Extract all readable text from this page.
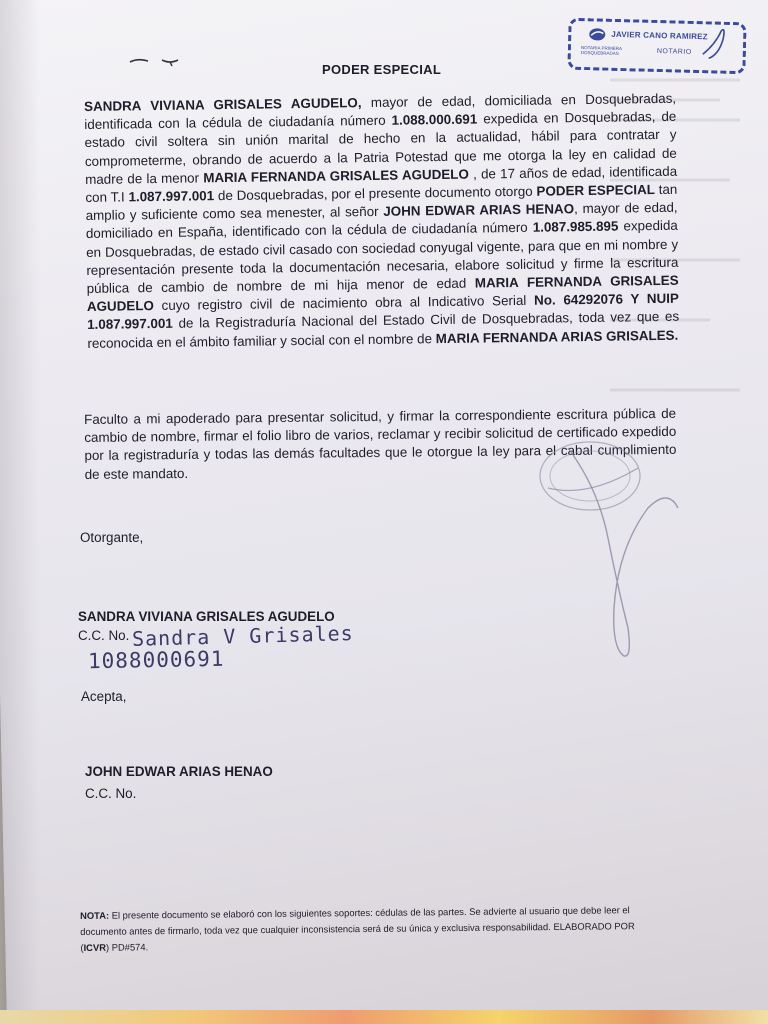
PODER ESPECIAL
JAVIER CANO RAMIREZ
NOTARIA PRIMERA DOSQUEBRADAS	NOTARIO
SANDRA VIVIANA GRISALES AGUDELO, mayor de edad, domiciliada en Dosquebradas, identificada con la cédula de ciudadanía número 1.088.000.691 expedida en Dosquebradas, de estado civil soltera sin unión marital de hecho en la actualidad, hábil para contratar y comprometerme, obrando de acuerdo a la Patria Potestad que me otorga la ley en calidad de madre de la menor MARIA FERNANDA GRISALES AGUDELO , de 17 años de edad, identificada con T.I 1.087.997.001 de Dosquebradas, por el presente documento otorgo PODER ESPECIAL tan amplio y suficiente como sea menester, al señor JOHN EDWAR ARIAS HENAO, mayor de edad, domiciliado en España, identificado con la cédula de ciudadanía número 1.087.985.895 expedida en Dosquebradas, de estado civil casado con sociedad conyugal vigente, para que en mi nombre y representación presente toda la documentación necesaria, elabore solicitud y firme la escritura pública de cambio de nombre de mi hija menor de edad MARIA FERNANDA GRISALES AGUDELO cuyo registro civil de nacimiento obra al Indicativo Serial No. 64292076 Y NUIP 1.087.997.001 de la Registraduría Nacional del Estado Civil de Dosquebradas, toda vez que es reconocida en el ámbito familiar y social con el nombre de MARIA FERNANDA ARIAS GRISALES.
Faculto a mi apoderado para presentar solicitud, y firmar la correspondiente escritura pública de cambio de nombre, firmar el folio libro de varios, reclamar y recibir solicitud de certificado expedido por la registraduría y todas las demás facultades que le otorgue la ley para el cabal cumplimiento de este mandato.
Otorgante,
SANDRA VIVIANA GRISALES AGUDELO
C.C. No. Sandra V Grisales
1088000691
Acepta,
JOHN EDWAR ARIAS HENAO
C.C. No.
NOTA: El presente documento se elaboró con los siguientes soportes: cédulas de las partes. Se advierte al usuario que debe leer el documento antes de firmarlo, toda vez que cualquier inconsistencia será de su única y exclusiva responsabilidad. ELABORADO POR (ICVR) PD#574.
